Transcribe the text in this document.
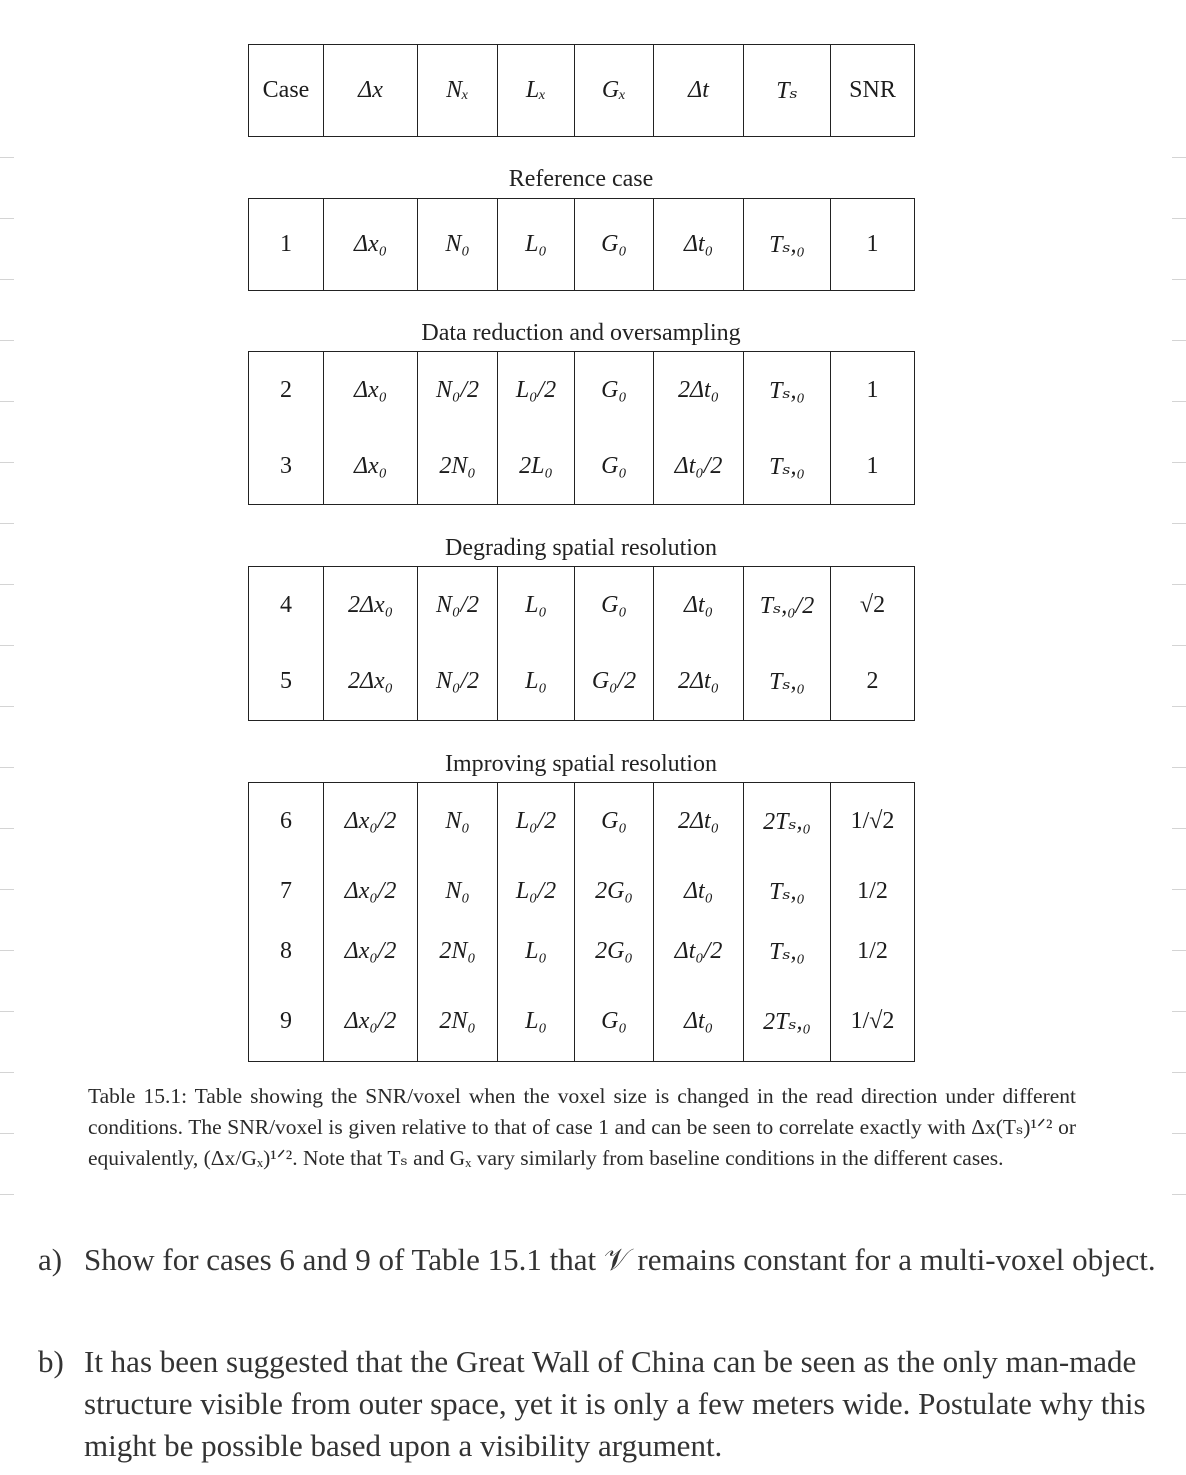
Case	Δx	Nₓ	Lₓ	Gₓ	Δt	Tₛ	SNR
Reference case
1	Δx₀	N₀	L₀	G₀	Δt₀	Tₛ,₀	1
Data reduction and oversampling
2	Δx₀	N₀/2	L₀/2	G₀	2Δt₀	Tₛ,₀	1
3	Δx₀	2N₀	2L₀	G₀	Δt₀/2	Tₛ,₀	1
Degrading spatial resolution
4	2Δx₀	N₀/2	L₀	G₀	Δt₀	Tₛ,₀/2	√2
5	2Δx₀	N₀/2	L₀	G₀/2	2Δt₀	Tₛ,₀	2
Improving spatial resolution
6	Δx₀/2	N₀	L₀/2	G₀	2Δt₀	2Tₛ,₀	1/√2
7	Δx₀/2	N₀	L₀/2	2G₀	Δt₀	Tₛ,₀	1/2
8	Δx₀/2	2N₀	L₀	2G₀	Δt₀/2	Tₛ,₀	1/2
9	Δx₀/2	2N₀	L₀	G₀	Δt₀	2Tₛ,₀	1/√2
Table 15.1: Table showing the SNR/voxel when the voxel size is changed in the read direction under different conditions. The SNR/voxel is given relative to that of case 1 and can be seen to correlate exactly with Δx(Tₛ)¹ᐟ² or equivalently, (Δx/Gₓ)¹ᐟ². Note that Tₛ and Gₓ vary similarly from baseline conditions in the different cases.
a) Show for cases 6 and 9 of Table 15.1 that 𝒱 remains constant for a multi-voxel object.
b) It has been suggested that the Great Wall of China can be seen as the only man-made structure visible from outer space, yet it is only a few meters wide. Postulate why this might be possible based upon a visibility argument.
